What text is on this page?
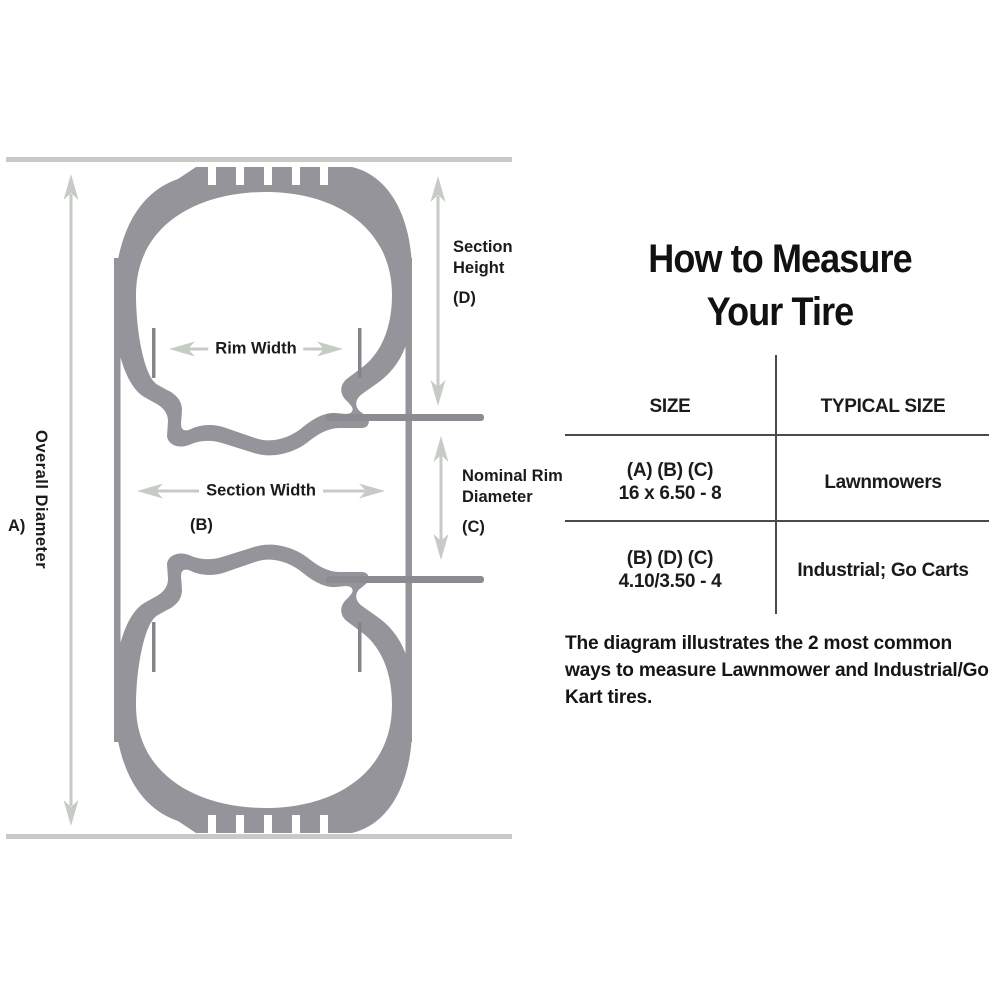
Overall Diameter
A)
Section
Height
(D)
Rim Width
Section Width
(B)
Nominal Rim
Diameter
(C)
How to Measure
Your Tire
SIZE	TYPICAL SIZE
(A) (B) (C)
16 x 6.50 - 8
Lawnmowers
(B) (D) (C)
4.10/3.50 - 4
Industrial; Go Carts
The diagram illustrates the 2 most common ways to measure Lawnmower and Industrial/Go Kart tires.
